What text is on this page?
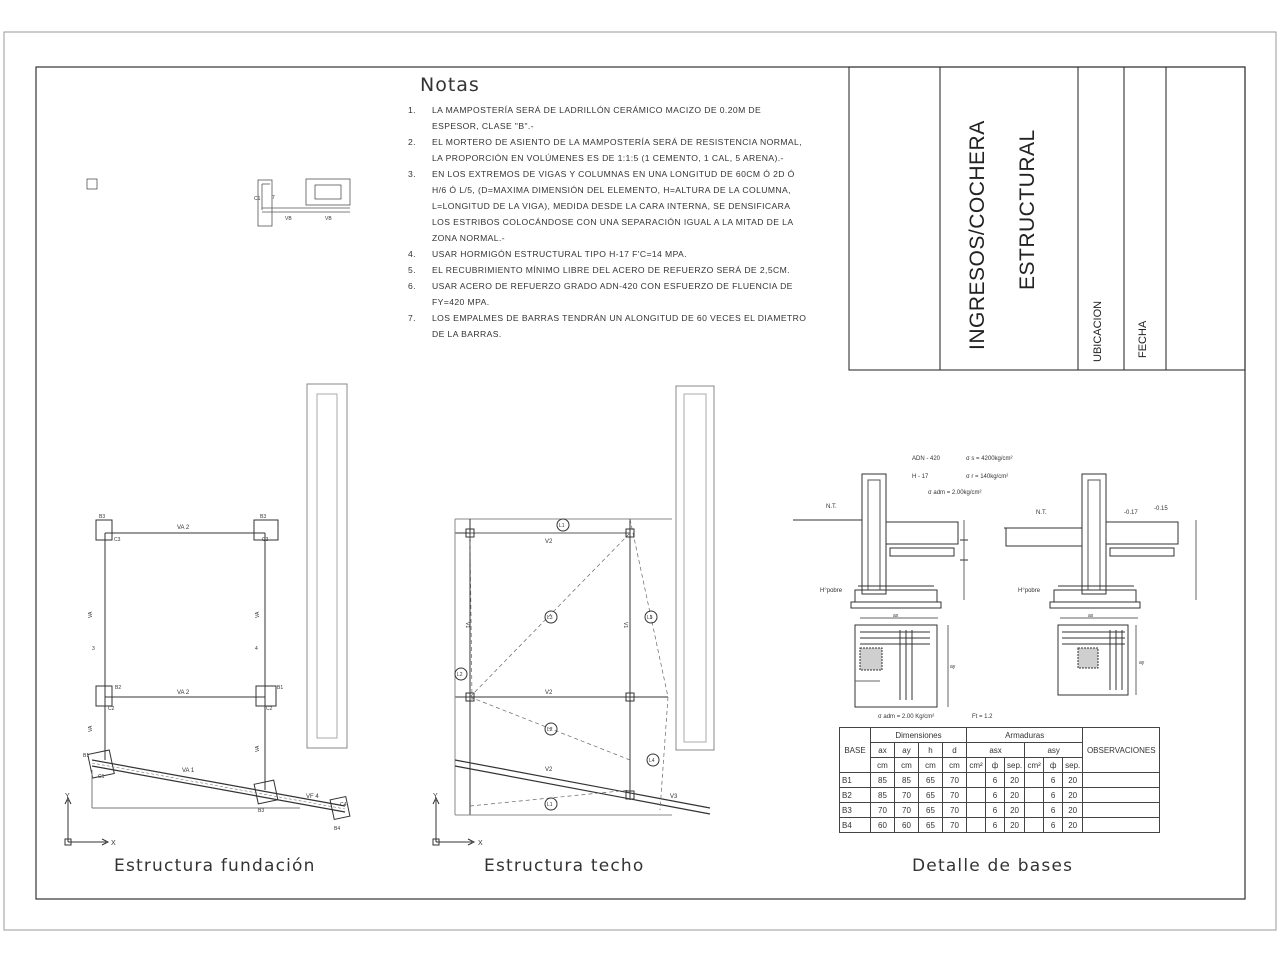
C1 7
VB	VB
Y
X
VA 2
VA 2
VA	VA
VA
VA
VA 1
VF 4
3	4
B3	B3
C3	C3
B2	B1
C2	C2
B1
C1
B3
B4
C4
Y
X
V2
V2
V2
V1	V1
V3
L1
L3	L3
L2
L2
L4
L1
ADN - 420	σ s = 4200kg/cm²
H - 17	σ r = 140kg/cm²
σ adm = 2.00kg/cm²
N.T.
N.T.
H°pobre	H°pobre
-0.17
-0.15
ax
ay
ax
ay
σ adm = 2.00 Kg/cm²	Ft = 1.2
Notas
1. LA MAMPOSTERÍA SERÁ DE LADRILLÓN CERÁMICO MACIZO DE 0.20M DE ESPESOR, CLASE "B".-
2. EL MORTERO DE ASIENTO DE LA MAMPOSTERÍA SERÁ DE RESISTENCIA NORMAL, LA PROPORCIÓN EN VOLÚMENES ES DE 1:1:5 (1 CEMENTO, 1 CAL, 5 ARENA).-
3. EN LOS EXTREMOS DE VIGAS Y COLUMNAS EN UNA LONGITUD DE 60CM Ó 2D Ó H/6 Ó L/5, (D=MAXIMA DIMENSIÓN DEL ELEMENTO, H=ALTURA DE LA COLUMNA, L=LONGITUD DE LA VIGA), MEDIDA DESDE LA CARA INTERNA, SE DENSIFICARA LOS ESTRIBOS COLOCÁNDOSE CON UNA SEPARACIÓN IGUAL A LA MITAD DE LA ZONA NORMAL.-
4. USAR HORMIGÓN ESTRUCTURAL TIPO H-17 F'C=14 MPA.
5. EL RECUBRIMIENTO MÍNIMO LIBRE DEL ACERO DE REFUERZO SERÁ DE 2,5CM.
6. USAR ACERO DE REFUERZO GRADO ADN-420 CON ESFUERZO DE FLUENCIA DE FY=420 MPA.
7. LOS EMPALMES DE BARRAS TENDRÁN UN ALONGITUD DE 60 VECES EL DIAMETRO DE LA BARRAS.	INGRESOS/COCHERA ESTRUCTURAL
UBICACION	FECHA
Estructura fundación	Estructura techo	Detalle de bases
BASE	Dimensiones				Armaduras						OBSERVACIONES
	ax	ay	h	d	asx			asy			
	cm	cm	cm	cm	cm²	ф	sep.	cm²	ф	sep.	
B1	85	85	65	70		6	20		6	20	
B2	85	70	65	70		6	20		6	20	
B3	70	70	65	70		6	20		6	20	
B4	60	60	65	70		6	20		6	20	
